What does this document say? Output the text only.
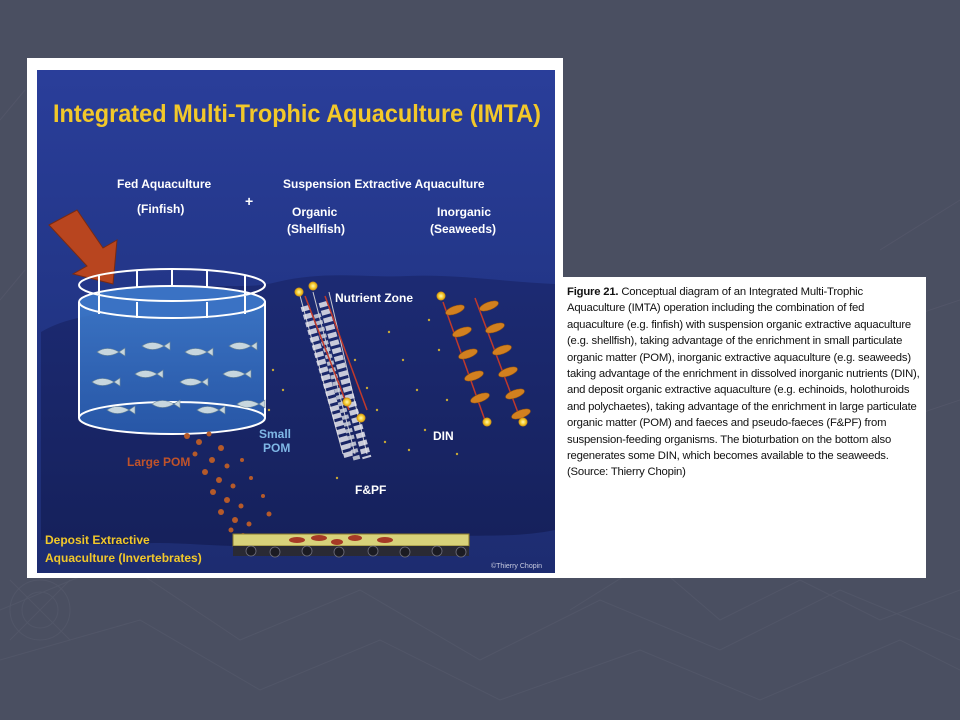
Integrated Multi-Trophic Aquaculture (IMTA)
Fed Aquaculture
(Finfish)	+
Suspension Extractive Aquaculture
Organic
(Shellfish)
Inorganic
(Seaweeds)
Nutrient Zone
Small
POM
Large POM
DIN
F&PF
Deposit Extractive
Aquaculture (Invertebrates)
©Thierry Chopin

Figure 21. Conceptual diagram of an Integrated Multi-Trophic Aquaculture (IMTA) operation including the combination of fed aquaculture (e.g. finfish) with suspension organic extractive aquaculture (e.g. shellfish), taking advantage of the enrichment in small particulate organic matter (POM), inorganic extractive aquaculture (e.g. seaweeds) taking advantage of the enrichment in dissolved inorganic nutrients (DIN), and deposit organic extractive aquaculture (e.g. echinoids, holothuroids and polychaetes), taking advantage of the enrichment in large particulate organic matter (POM) and faeces and pseudo-faeces (F&PF) from suspension-feeding organisms. The bioturbation on the bottom also regenerates some DIN, which becomes available to the seaweeds. (Source: Thierry Chopin)
